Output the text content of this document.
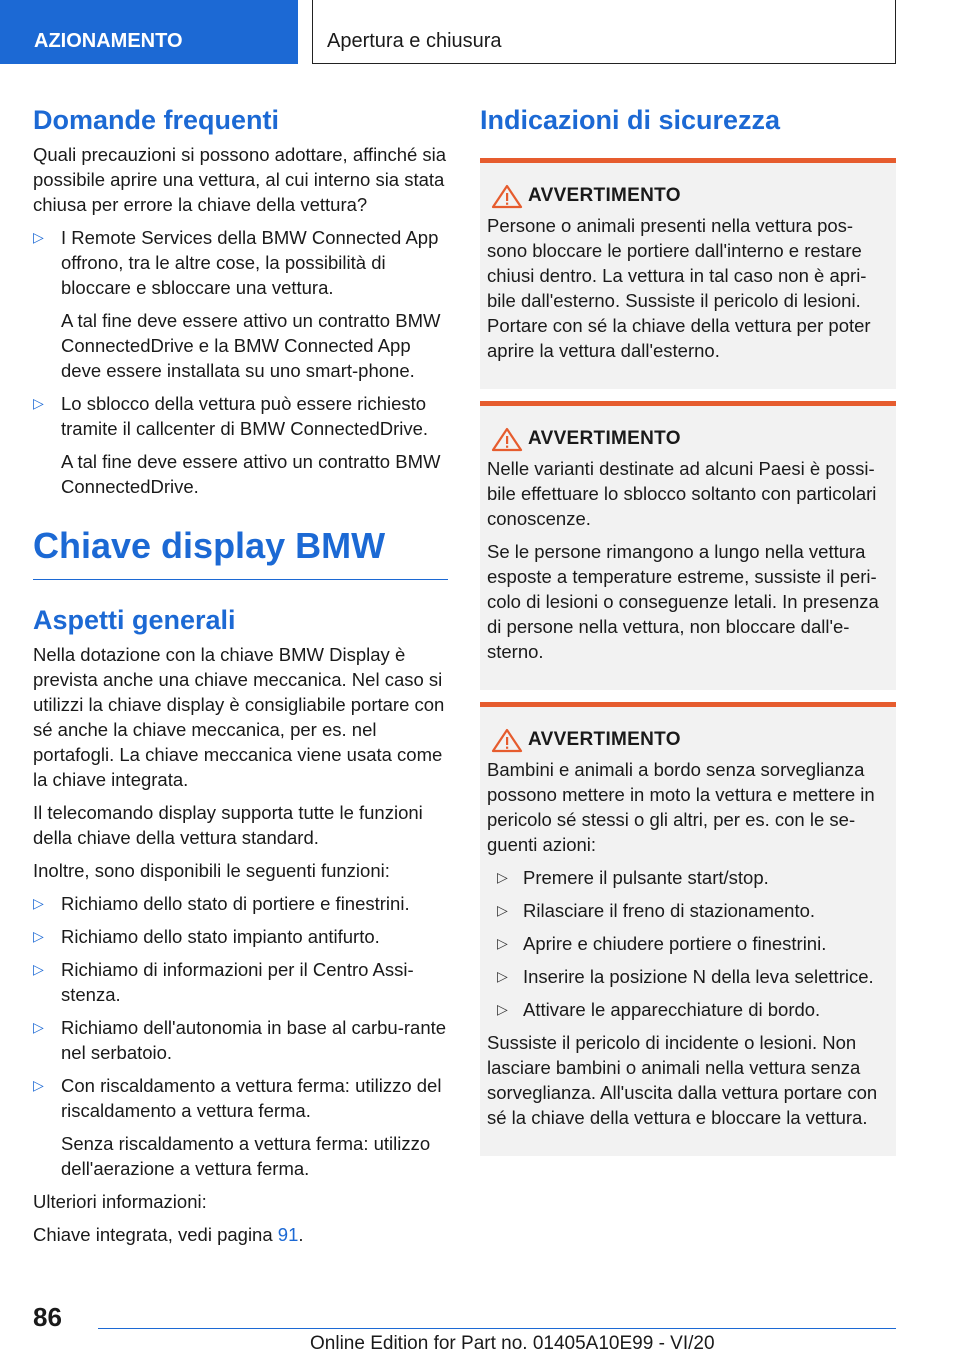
AZIONAMENTO	Apertura e chiusura
Domande frequenti

Quali precauzioni si possono adottare, affinché sia possibile aprire una vettura, al cui interno sia stata chiusa per errore la chiave della vettura?

▷ I Remote Services della BMW Connected App offrono, tra le altre cose, la possibilità di bloccare e sbloccare una vettura.

A tal fine deve essere attivo un contratto BMW ConnectedDrive e la BMW Connected App deve essere installata su uno smart‐phone.

▷ Lo sblocco della vettura può essere richiesto tramite il callcenter di BMW ConnectedDrive.

A tal fine deve essere attivo un contratto BMW ConnectedDrive.

Chiave display BMW
Aspetti generali

Nella dotazione con la chiave BMW Display è prevista anche una chiave meccanica. Nel caso si utilizzi la chiave display è consigliabile portare con sé anche la chiave meccanica, per es. nel portafogli. La chiave meccanica viene usata come la chiave integrata.

Il telecomando display supporta tutte le funzioni della chiave della vettura standard.

Inoltre, sono disponibili le seguenti funzioni:

▷ Richiamo dello stato di portiere e finestrini.

▷ Richiamo dello stato impianto antifurto.

▷ Richiamo di informazioni per il Centro Assi‐stenza.

▷ Richiamo dell'autonomia in base al carbu‐rante nel serbatoio.

▷ Con riscaldamento a vettura ferma: utilizzo del riscaldamento a vettura ferma.

Senza riscaldamento a vettura ferma: utilizzo dell'aerazione a vettura ferma.

Ulteriori informazioni:

Chiave integrata, vedi pagina 91.

Indicazioni di sicurezza
AVVERTIMENTO

Persone o animali presenti nella vettura pos‐sono bloccare le portiere dall'interno e restare chiusi dentro. La vettura in tal caso non è apri‐bile dall'esterno. Sussiste il pericolo di lesioni. Portare con sé la chiave della vettura per poter aprire la vettura dall'esterno.

AVVERTIMENTO

Nelle varianti destinate ad alcuni Paesi è possi‐bile effettuare lo sblocco soltanto con particolari conoscenze.

Se le persone rimangono a lungo nella vettura esposte a temperature estreme, sussiste il peri‐colo di lesioni o conseguenze letali. In presenza di persone nella vettura, non bloccare dall'e‐sterno.

AVVERTIMENTO

Bambini e animali a bordo senza sorveglianza possono mettere in moto la vettura e mettere in pericolo sé stessi o gli altri, per es. con le se‐guenti azioni:

▷ Premere il pulsante start/stop.
▷ Rilasciare il freno di stazionamento.
▷ Aprire e chiudere portiere o finestrini.
▷ Inserire la posizione N della leva selettrice.
▷ Attivare le apparecchiature di bordo.

Sussiste il pericolo di incidente o lesioni. Non lasciare bambini o animali nella vettura senza sorveglianza. All'uscita dalla vettura portare con sé la chiave della vettura e bloccare la vettura.

86
Online Edition for Part no. 01405A10E99 - VI/20
